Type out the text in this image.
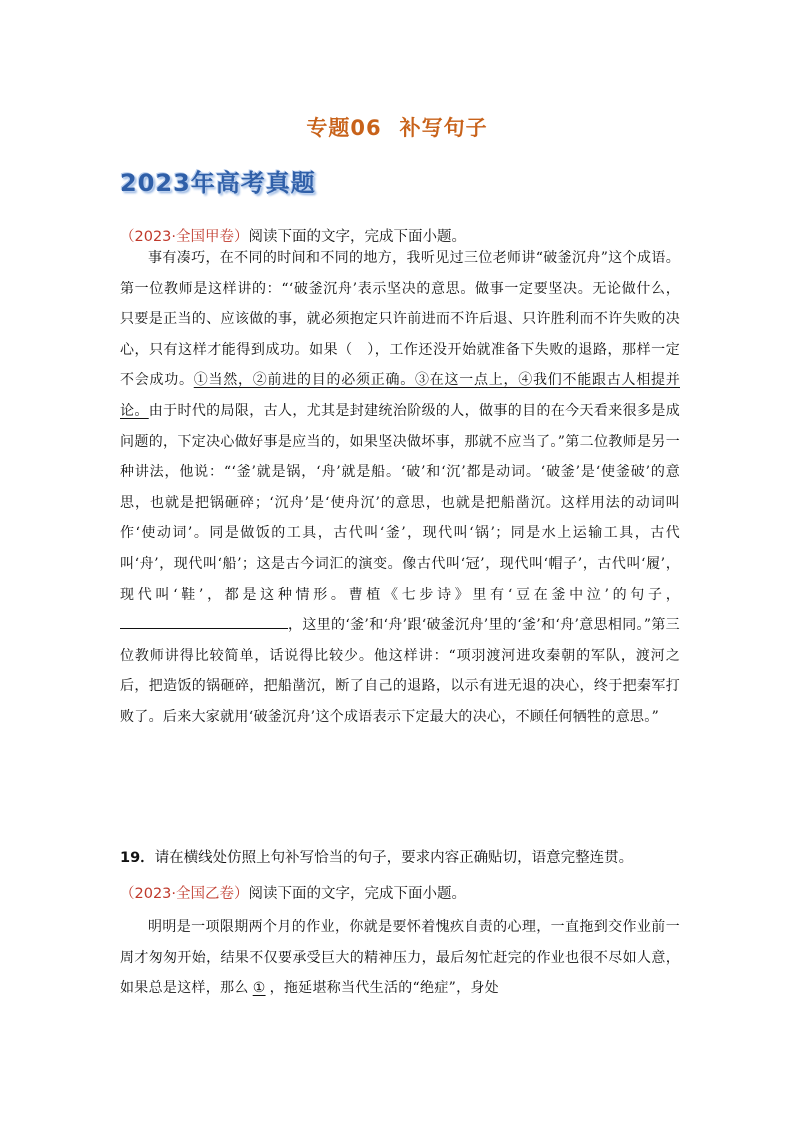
专题06 补写句子
2023年高考真题
（2023·全国甲卷）阅读下面的文字，完成下面小题。

事有凑巧，在不同的时间和不同的地方，我听见过三位老师讲“破釜沉舟”这个成语。第一位教师是这样讲的：“‘破釜沉舟’表示坚决的意思。做事一定要坚决。无论做什么，只要是正当的、应该做的事，就必须抱定只许前进而不许后退、只许胜利而不许失败的决心，只有这样才能得到成功。如果（　），工作还没开始就准备下失败的退路，那样一定不会成功。①当然，②前进的目的必须正确。③在这一点上，④我们不能跟古人相提并论。由于时代的局限，古人，尤其是封建统治阶级的人，做事的目的在今天看来很多是成问题的，下定决心做好事是应当的，如果坚决做坏事，那就不应当了。”第二位教师是另一种讲法，他说：“‘釜’就是锅，‘舟’就是船。‘破’和‘沉’都是动词。‘破釜’是‘使釜破’的意思，也就是把锅砸碎；‘沉舟’是‘使舟沉’的意思，也就是把船凿沉。这样用法的动词叫作‘使动词’。同是做饭的工具，古代叫‘釜’，现代叫‘锅’；同是水上运输工具，古代叫‘舟’，现代叫‘船’；这是古今词汇的演变。像古代叫‘冠’，现代叫‘帽子’，古代叫‘履’，现代叫‘鞋’，都是这种情形。曹植《七步诗》里有‘豆在釜中泣’的句子，，这里的‘釜’和‘舟’跟‘破釜沉舟’里的‘釜’和‘舟’意思相同。”第三位教师讲得比较简单，话说得比较少。他这样讲：“项羽渡河进攻秦朝的军队，渡河之后，把造饭的锅砸碎，把船凿沉，断了自己的退路，以示有进无退的决心，终于把秦军打败了。后来大家就用‘破釜沉舟’这个成语表示下定最大的决心，不顾任何牺牲的意思。”

19．请在横线处仿照上句补写恰当的句子，要求内容正确贴切，语意完整连贯。
（2023·全国乙卷）阅读下面的文字，完成下面小题。

明明是一项限期两个月的作业，你就是要怀着愧疚自责的心理，一直拖到交作业前一周才匆匆开始，结果不仅要承受巨大的精神压力，最后匆忙赶完的作业也很不尽如人意，如果总是这样，那么 ① ，拖延堪称当代生活的“绝症”，身处
